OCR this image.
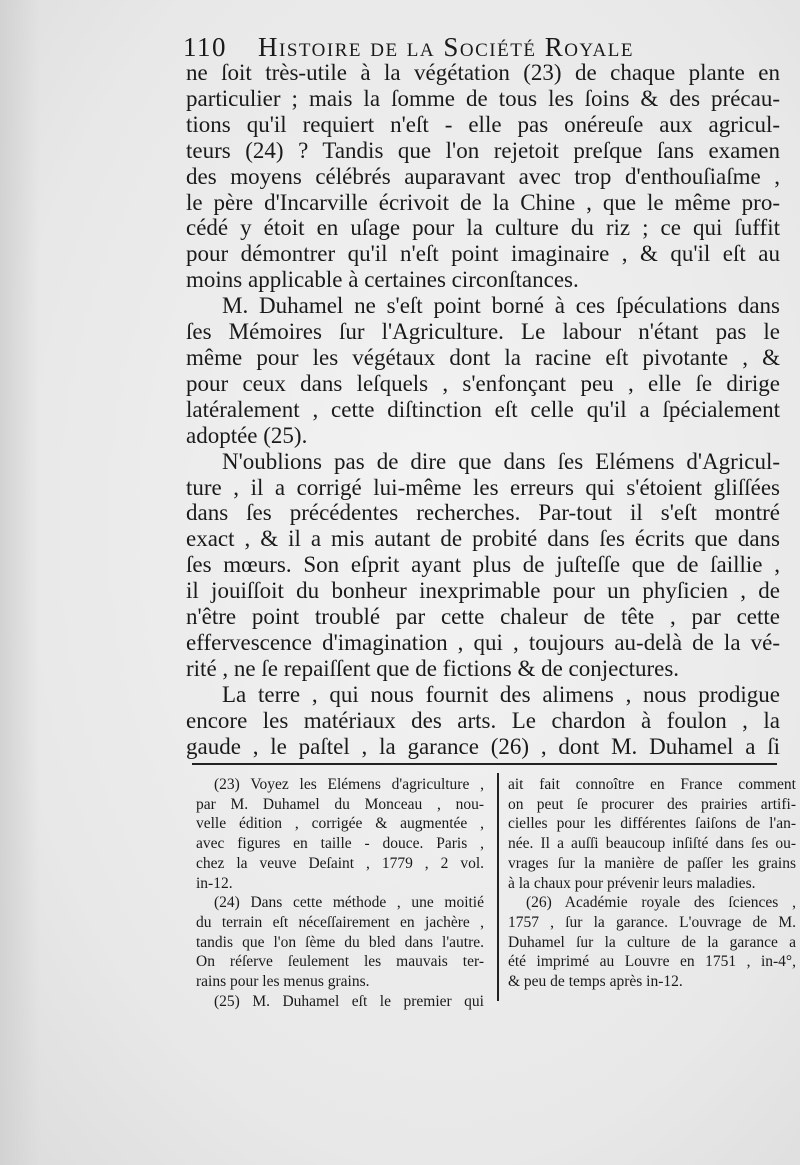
110 Histoire de la Société Royale

ne ſoit très-utile à la végétation (23) de chaque plante en
particulier ; mais la ſomme de tous les ſoins & des précau-
tions qu'il requiert n'eſt - elle pas onéreuſe aux agricul-
teurs (24) ? Tandis que l'on rejetoit preſque ſans examen
des moyens célébrés auparavant avec trop d'enthouſiaſme ,
le père d'Incarville écrivoit de la Chine , que le même pro-
cédé y étoit en uſage pour la culture du riz ; ce qui ſuffit
pour démontrer qu'il n'eſt point imaginaire , & qu'il eſt au
moins applicable à certaines circonſtances.

M. Duhamel ne s'eſt point borné à ces ſpéculations dans
ſes Mémoires ſur l'Agriculture. Le labour n'étant pas le
même pour les végétaux dont la racine eſt pivotante , &
pour ceux dans leſquels , s'enfonçant peu , elle ſe dirige
latéralement , cette diſtinction eſt celle qu'il a ſpécialement
adoptée (25).

N'oublions pas de dire que dans ſes Elémens d'Agricul-
ture , il a corrigé lui-même les erreurs qui s'étoient gliſſées
dans ſes précédentes recherches. Par-tout il s'eſt montré
exact , & il a mis autant de probité dans ſes écrits que dans
ſes mœurs. Son eſprit ayant plus de juſteſſe que de ſaillie ,
il jouiſſoit du bonheur inexprimable pour un phyſicien , de
n'être point troublé par cette chaleur de tête , par cette
effervescence d'imagination , qui , toujours au-delà de la vé-
rité , ne ſe repaiſſent que de fictions & de conjectures.

La terre , qui nous fournit des alimens , nous prodigue
encore les matériaux des arts. Le chardon à foulon , la
gaude , le paſtel , la garance (26) , dont M. Duhamel a ſi

(23) Voyez les Elémens d'agriculture ,
par M. Duhamel du Monceau , nou-
velle édition , corrigée & augmentée ,
avec figures en taille - douce. Paris ,
chez la veuve Deſaint , 1779 , 2 vol.
in-12.
(24) Dans cette méthode , une moitié
du terrain eſt néceſſairement en jachère ,
tandis que l'on ſème du bled dans l'autre.
On réſerve ſeulement les mauvais ter-
rains pour les menus grains.
(25) M. Duhamel eſt le premier qui
ait fait connoître en France comment
on peut ſe procurer des prairies artifi-
cielles pour les différentes ſaiſons de l'an-
née. Il a auſſi beaucoup inſiſté dans ſes ou-
vrages ſur la manière de paſſer les grains
à la chaux pour prévenir leurs maladies.
(26) Académie royale des ſciences ,
1757 , ſur la garance. L'ouvrage de M.
Duhamel ſur la culture de la garance a
été imprimé au Louvre en 1751 , in-4°,
& peu de temps après in-12.
